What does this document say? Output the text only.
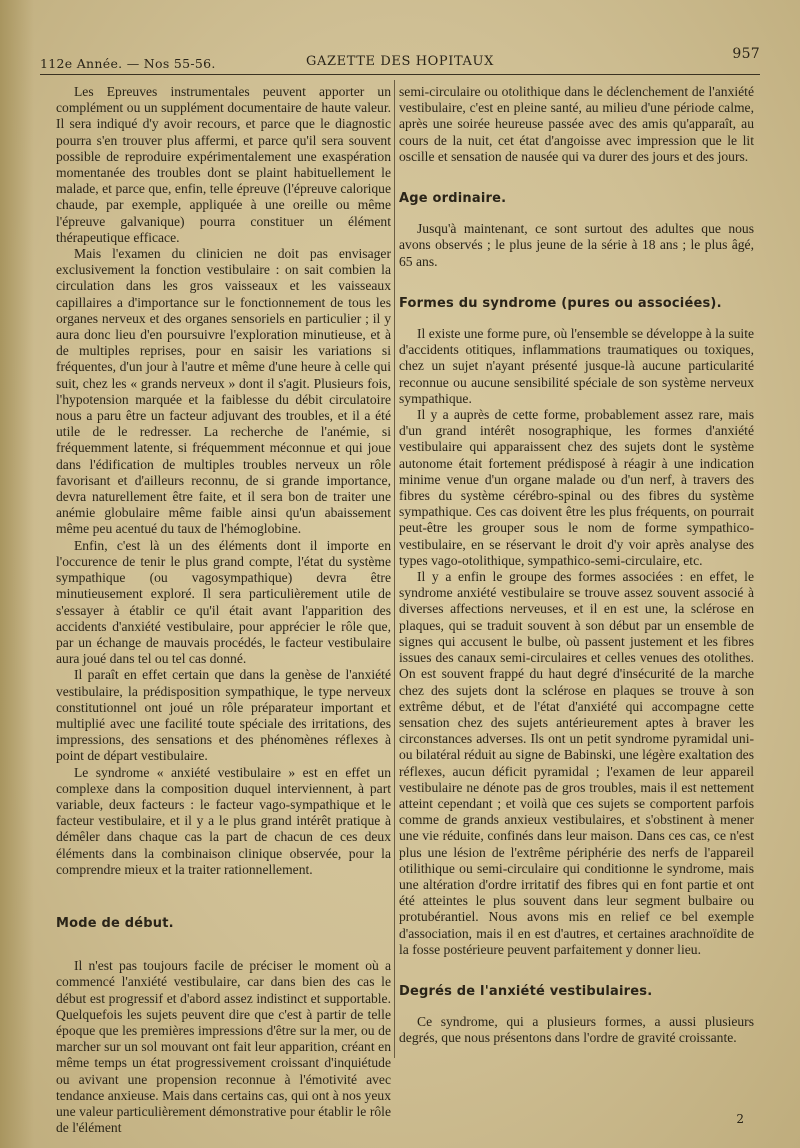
112e Année. — Nos 55-56.	GAZETTE DES HOPITAUX	957

Les Epreuves instrumentales peuvent apporter un complément ou un supplément documentaire de haute valeur. Il sera indiqué d'y avoir recours, et parce que le diagnostic pourra s'en trouver plus affermi, et parce qu'il sera souvent possible de reproduire expérimentalement une exaspération momentanée des troubles dont se plaint habituellement le malade, et parce que, enfin, telle épreuve (l'épreuve calorique chaude, par exemple, appliquée à une oreille ou même l'épreuve galvanique) pourra constituer un élément thérapeutique efficace.

Mais l'examen du clinicien ne doit pas envisager exclusivement la fonction vestibulaire : on sait combien la circulation dans les gros vaisseaux et les vaisseaux capillaires a d'importance sur le fonctionnement de tous les organes nerveux et des organes sensoriels en particulier ; il y aura donc lieu d'en poursuivre l'exploration minutieuse, et à de multiples reprises, pour en saisir les variations si fréquentes, d'un jour à l'autre et même d'une heure à celle qui suit, chez les « grands nerveux » dont il s'agit. Plusieurs fois, l'hypotension marquée et la faiblesse du débit circulatoire nous a paru être un facteur adjuvant des troubles, et il a été utile de le redresser. La recherche de l'anémie, si fréquemment latente, si fréquemment méconnue et qui joue dans l'édification de multiples troubles nerveux un rôle favorisant et d'ailleurs reconnu, de si grande importance, devra naturellement être faite, et il sera bon de traiter une anémie globulaire même faible ainsi qu'un abaissement même peu acentué du taux de l'hémoglobine.

Enfin, c'est là un des éléments dont il importe en l'occurence de tenir le plus grand compte, l'état du système sympathique (ou vagosympathique) devra être minutieusement exploré. Il sera particulièrement utile de s'essayer à établir ce qu'il était avant l'apparition des accidents d'anxiété vestibulaire, pour apprécier le rôle que, par un échange de mauvais procédés, le facteur vestibulaire aura joué dans tel ou tel cas donné.

Il paraît en effet certain que dans la genèse de l'anxiété vestibulaire, la prédisposition sympathique, le type nerveux constitutionnel ont joué un rôle préparateur important et multiplié avec une facilité toute spéciale des irritations, des impressions, des sensations et des phénomènes réflexes à point de départ vestibulaire.

Le syndrome « anxiété vestibulaire » est en effet un complexe dans la composition duquel interviennent, à part variable, deux facteurs : le facteur vago-sympathique et le facteur vestibulaire, et il y a le plus grand intérêt pratique à démêler dans chaque cas la part de chacun de ces deux éléments dans la combinaison clinique observée, pour la comprendre mieux et la traiter rationnellement.

Mode de début.

Il n'est pas toujours facile de préciser le moment où a commencé l'anxiété vestibulaire, car dans bien des cas le début est progressif et d'abord assez indistinct et supportable. Quelquefois les sujets peuvent dire que c'est à partir de telle époque que les premières impressions d'être sur la mer, ou de marcher sur un sol mouvant ont fait leur apparition, créant en même temps un état progressivement croissant d'inquiétude ou avivant une propension reconnue à l'émotivité avec tendance anxieuse. Mais dans certains cas, qui ont à nos yeux une valeur particulièrement démonstrative pour établir le rôle de l'élément

semi-circulaire ou otolithique dans le déclenchement de l'anxiété vestibulaire, c'est en pleine santé, au milieu d'une période calme, après une soirée heureuse passée avec des amis qu'apparaît, au cours de la nuit, cet état d'angoisse avec impression que le lit oscille et sensation de nausée qui va durer des jours et des jours.

Age ordinaire.

Jusqu'à maintenant, ce sont surtout des adultes que nous avons observés ; le plus jeune de la série à 18 ans ; le plus âgé, 65 ans.

Formes du syndrome (pures ou associées).

Il existe une forme pure, où l'ensemble se développe à la suite d'accidents otitiques, inflammations traumatiques ou toxiques, chez un sujet n'ayant présenté jusque-là aucune particularité reconnue ou aucune sensibilité spéciale de son système nerveux sympathique.

Il y a auprès de cette forme, probablement assez rare, mais d'un grand intérêt nosographique, les formes d'anxiété vestibulaire qui apparaissent chez des sujets dont le système autonome était fortement prédisposé à réagir à une indication minime venue d'un organe malade ou d'un nerf, à travers des fibres du système cérébro-spinal ou des fibres du système sympathique. Ces cas doivent être les plus fréquents, on pourrait peut-être les grouper sous le nom de forme sympathico-vestibulaire, en se réservant le droit d'y voir après analyse des types vago-otolithique, sympathico-semi-circulaire, etc.

Il y a enfin le groupe des formes associées : en effet, le syndrome anxiété vestibulaire se trouve assez souvent associé à diverses affections nerveuses, et il en est une, la sclérose en plaques, qui se traduit souvent à son début par un ensemble de signes qui accusent le bulbe, où passent justement et les fibres issues des canaux semi-circulaires et celles venues des otolithes. On est souvent frappé du haut degré d'insécurité de la marche chez des sujets dont la sclérose en plaques se trouve à son extrême début, et de l'état d'anxiété qui accompagne cette sensation chez des sujets antérieurement aptes à braver les circonstances adverses. Ils ont un petit syndrome pyramidal uni- ou bilatéral réduit au signe de Babinski, une légère exaltation des réflexes, aucun déficit pyramidal ; l'examen de leur appareil vestibulaire ne dénote pas de gros troubles, mais il est nettement atteint cependant ; et voilà que ces sujets se comportent parfois comme de grands anxieux vestibulaires, et s'obstinent à mener une vie réduite, confinés dans leur maison. Dans ces cas, ce n'est plus une lésion de l'extrême périphérie des nerfs de l'appareil otilithique ou semi-circulaire qui conditionne le syndrome, mais une altération d'ordre irritatif des fibres qui en font partie et ont été atteintes le plus souvent dans leur segment bulbaire ou protubérantiel. Nous avons mis en relief ce bel exemple d'association, mais il en est d'autres, et certaines arachnoïdite de la fosse postérieure peuvent parfaitement y donner lieu.

Degrés de l'anxiété vestibulaires.

Ce syndrome, qui a plusieurs formes, a aussi plusieurs degrés, que nous présentons dans l'ordre de gravité croissante.

2
